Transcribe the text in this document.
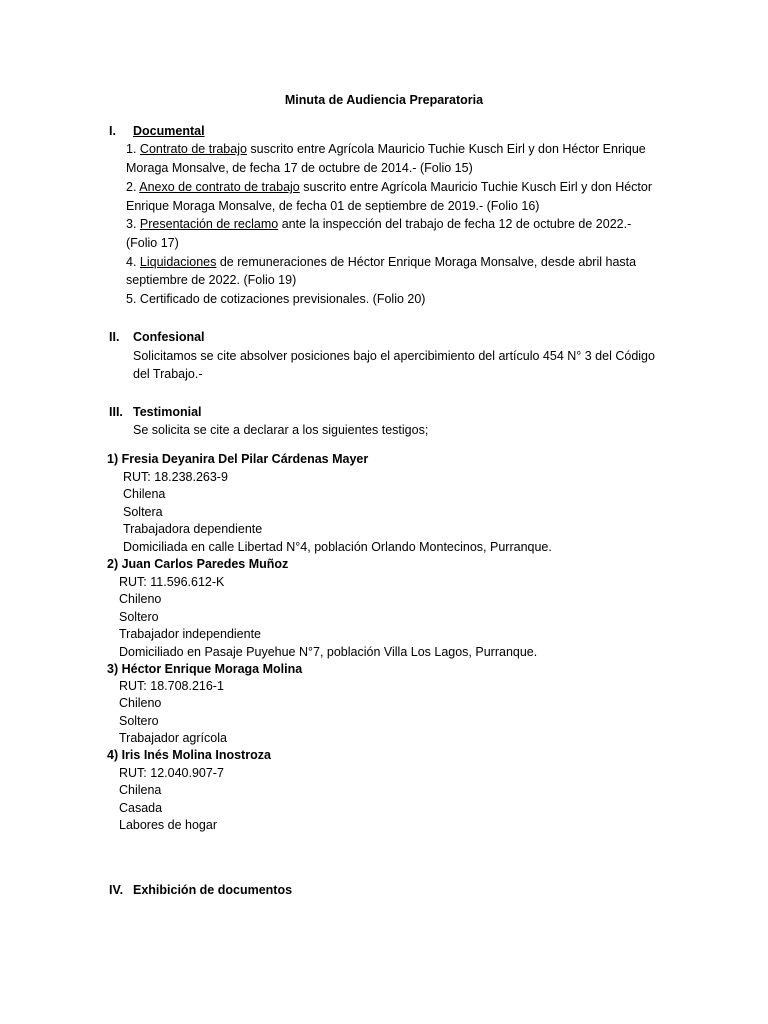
Minuta de Audiencia Preparatoria
I. Documental
1. Contrato de trabajo suscrito entre Agrícola Mauricio Tuchie Kusch Eirl y don Héctor Enrique
Moraga Monsalve, de fecha 17 de octubre de 2014.- (Folio 15)
2. Anexo de contrato de trabajo suscrito entre Agrícola Mauricio Tuchie Kusch Eirl y don Héctor
Enrique Moraga Monsalve, de fecha 01 de septiembre de 2019.- (Folio 16)
3. Presentación de reclamo ante la inspección del trabajo de fecha 12 de octubre de 2022.-
(Folio 17)
4. Liquidaciones de remuneraciones de Héctor Enrique Moraga Monsalve, desde abril hasta
septiembre de 2022. (Folio 19)
5. Certificado de cotizaciones previsionales. (Folio 20)
II. Confesional
Solicitamos se cite absolver posiciones bajo el apercibimiento del artículo 454 N° 3 del Código
del Trabajo.-
III. Testimonial
Se solicita se cite a declarar a los siguientes testigos;
1) Fresia Deyanira Del Pilar Cárdenas Mayer
RUT: 18.238.263-9
Chilena
Soltera
Trabajadora dependiente
Domiciliada en calle Libertad N°4, población Orlando Montecinos, Purranque.
2) Juan Carlos Paredes Muñoz
RUT: 11.596.612-K
Chileno
Soltero
Trabajador independiente
Domiciliado en Pasaje Puyehue N°7, población Villa Los Lagos, Purranque.
3) Héctor Enrique Moraga Molina
RUT: 18.708.216-1
Chileno
Soltero
Trabajador agrícola
4) Iris Inés Molina Inostroza
RUT: 12.040.907-7
Chilena
Casada
Labores de hogar
IV. Exhibición de documentos
